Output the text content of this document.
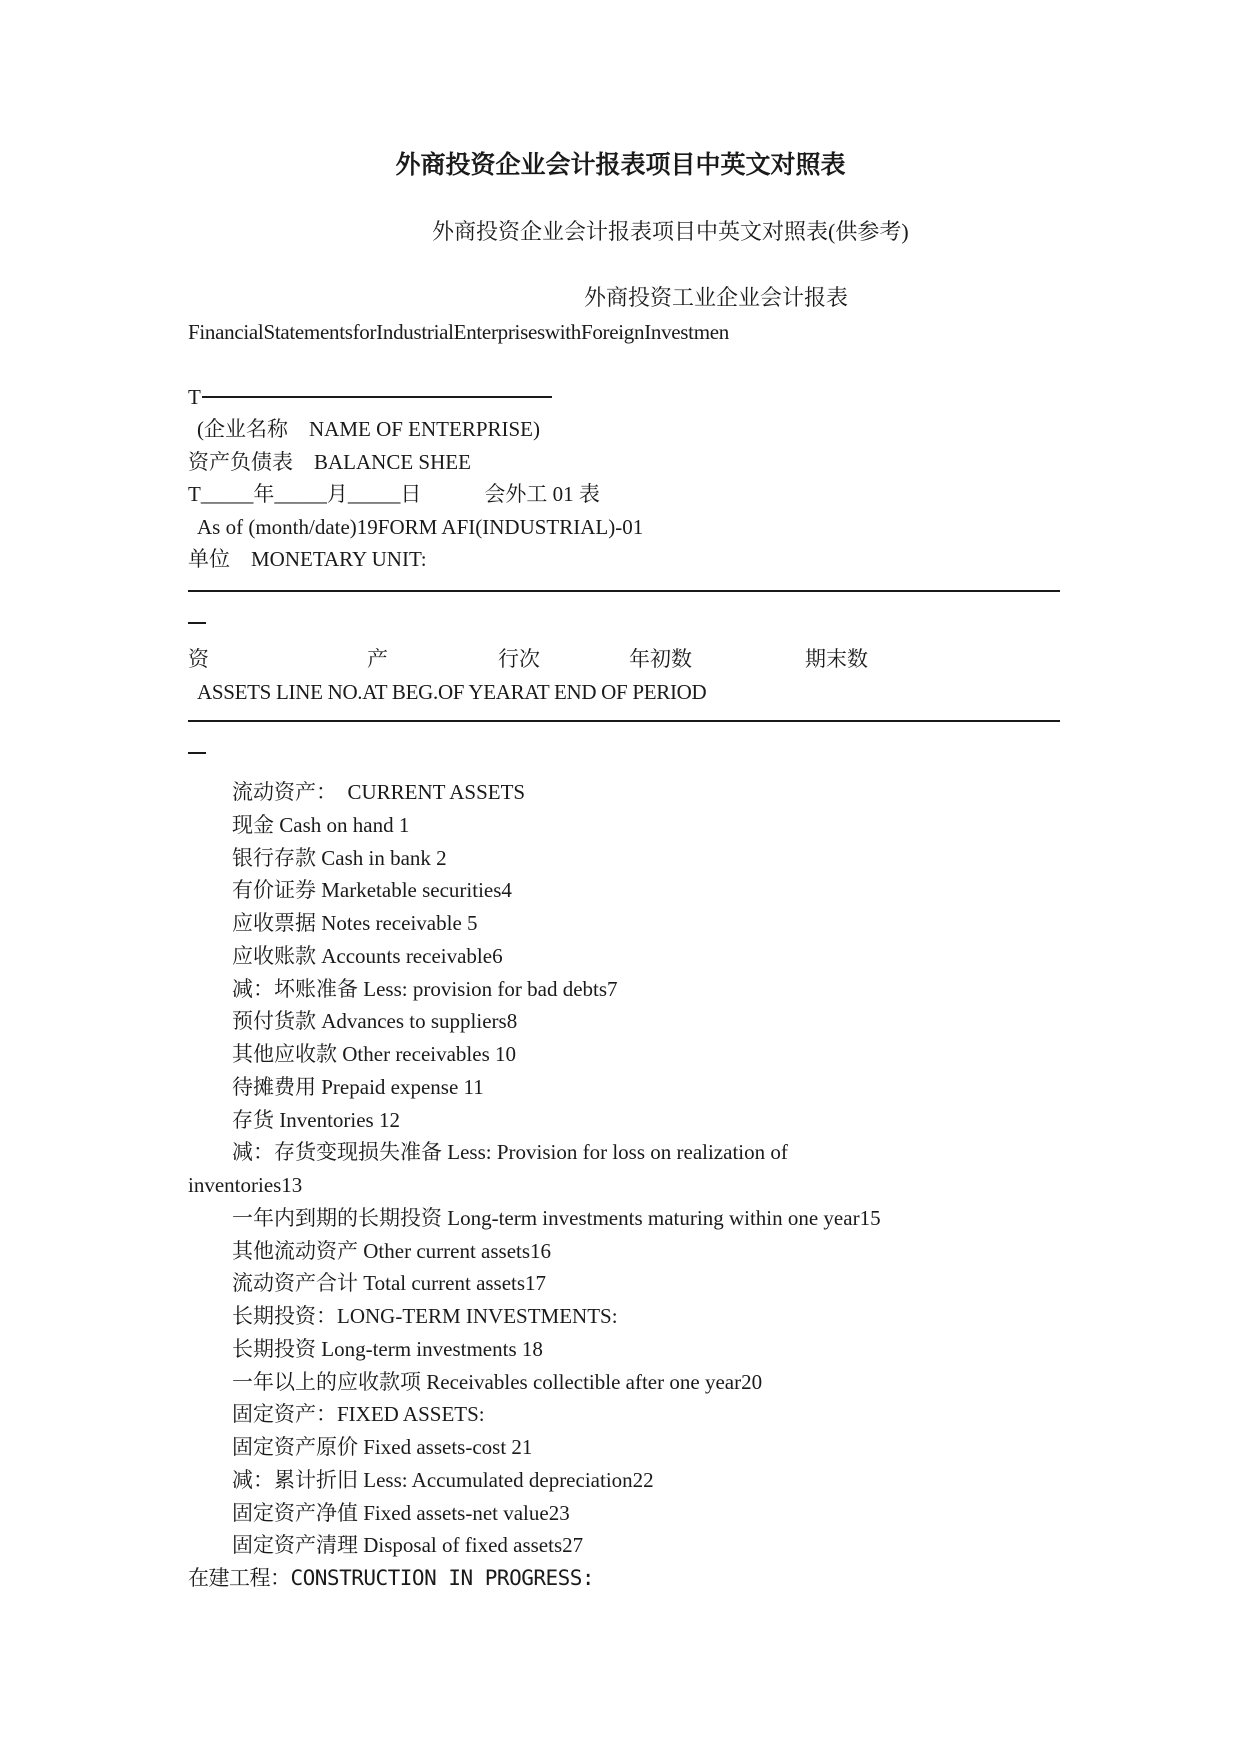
外商投资企业会计报表项目中英文对照表
外商投资企业会计报表项目中英文对照表(供参考)
外商投资工业企业会计报表
FinancialStatementsforIndustrialEnterpriseswithForeignInvestmen
T
(企业名称　NAME OF ENTERPRISE)
资产负债表　BALANCE SHEE
T_____年_____月_____日　　　会外工 01 表
As of (month/date)19FORM AFI(INDUSTRIAL)-01
单位　MONETARY UNIT:
资	产	行次	年初数	期末数
ASSETS LINE NO.AT BEG.OF YEARAT END OF PERIOD
流动资产：　CURRENT ASSETS
现金 Cash on hand 1
银行存款 Cash in bank 2
有价证券 Marketable securities4
应收票据 Notes receivable 5
应收账款 Accounts receivable6
减：坏账准备 Less: provision for bad debts7
预付货款 Advances to suppliers8
其他应收款 Other receivables 10
待摊费用 Prepaid expense 11
存货 Inventories 12
减：存货变现损失准备 Less: Provision for loss on realization of
inventories13
一年内到期的长期投资 Long-term investments maturing within one year15
其他流动资产 Other current assets16
流动资产合计 Total current assets17
长期投资：LONG-TERM INVESTMENTS:
长期投资 Long-term investments 18
一年以上的应收款项 Receivables collectible after one year20
固定资产：FIXED ASSETS:
固定资产原价 Fixed assets-cost 21
减：累计折旧 Less: Accumulated depreciation22
固定资产净值 Fixed assets-net value23
固定资产清理 Disposal of fixed assets27
在建工程：CONSTRUCTION IN PROGRESS:
